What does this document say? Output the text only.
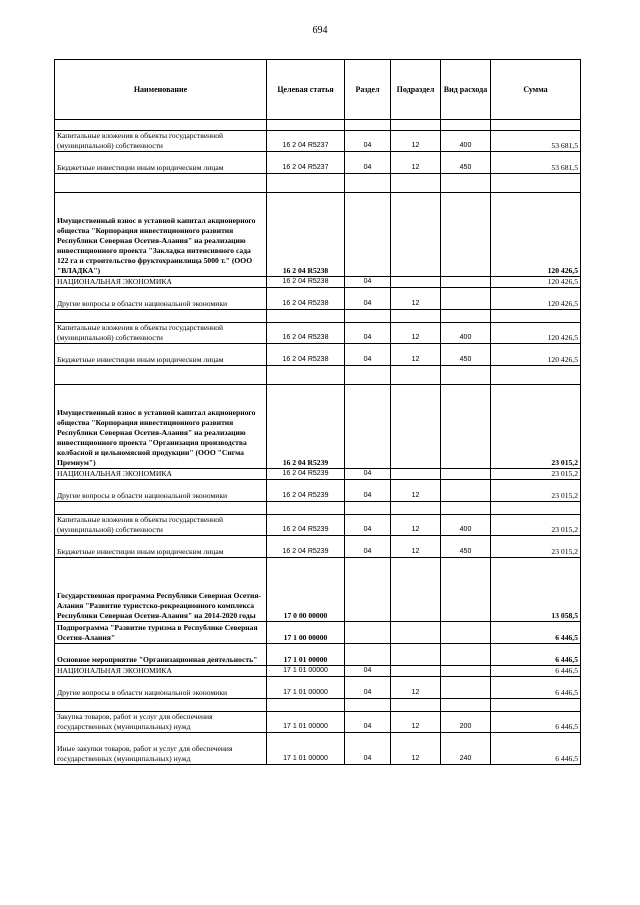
694
Наименование	Целевая статья	Раздел	Подраздел	Вид расхода	Сумма

Капитальные вложения в объекты государственной (муниципальной) собственности	16 2 04 R5237	04	12	400	53 681,5
Бюджетные инвестиции иным юридическим лицам	16 2 04 R5237	04	12	450	53 681,5

Имущественный взнос в уставной капитал акционерного общества "Корпорация инвестиционного развития Республики Северная Осетия-Алания" на реализацию инвестиционного проекта "Закладка интенсивного сада 122 га и строительство фруктохранилища 5000 т." (ООО "ВЛАДКА")	16 2 04 R5238				120 426,5
НАЦИОНАЛЬНАЯ ЭКОНОМИКА	16 2 04 R5238	04			120 426,5
Другие вопросы в области национальной экономики	16 2 04 R5238	04	12		120 426,5

Капитальные вложения в объекты государственной (муниципальной) собственности	16 2 04 R5238	04	12	400	120 426,5
Бюджетные инвестиции иным юридическим лицам	16 2 04 R5238	04	12	450	120 426,5

Имущественный взнос в уставной капитал акционерного общества "Корпорация инвестиционного развития Республики Северная Осетия-Алания" на реализацию инвестиционного проекта "Организация производства колбасной и цельномясной продукции" (ООО "Сигма Премиум")	16 2 04 R5239				23 015,2
НАЦИОНАЛЬНАЯ ЭКОНОМИКА	16 2 04 R5239	04			23 015,2
Другие вопросы в области национальной экономики	16 2 04 R5239	04	12		23 015,2

Капитальные вложения в объекты государственной (муниципальной) собственности	16 2 04 R5239	04	12	400	23 015,2
Бюджетные инвестиции иным юридическим лицам	16 2 04 R5239	04	12	450	23 015,2
Государственная программа Республики Северная Осетия-Алания "Развитие туристско-рекреационного комплекса Республики Северная Осетия-Алания" на 2014-2020 годы	17 0 00 00000				13 058,5
Подпрограмма "Развитие туризма в Республике Северная Осетия-Алания"	17 1 00 00000				6 446,5
Основное мероприятие "Организационная деятельность"	17 1 01 00000				6 446,5
НАЦИОНАЛЬНАЯ ЭКОНОМИКА	17 1 01 00000	04			6 446,5
Другие вопросы в области национальной экономики	17 1 01 00000	04	12		6 446,5

Закупка товаров, работ и услуг для обеспечения государственных (муниципальных) нужд	17 1 01 00000	04	12	200	6 446,5
Иные закупки товаров, работ и услуг для обеспечения государственных (муниципальных) нужд	17 1 01 00000	04	12	240	6 446,5
